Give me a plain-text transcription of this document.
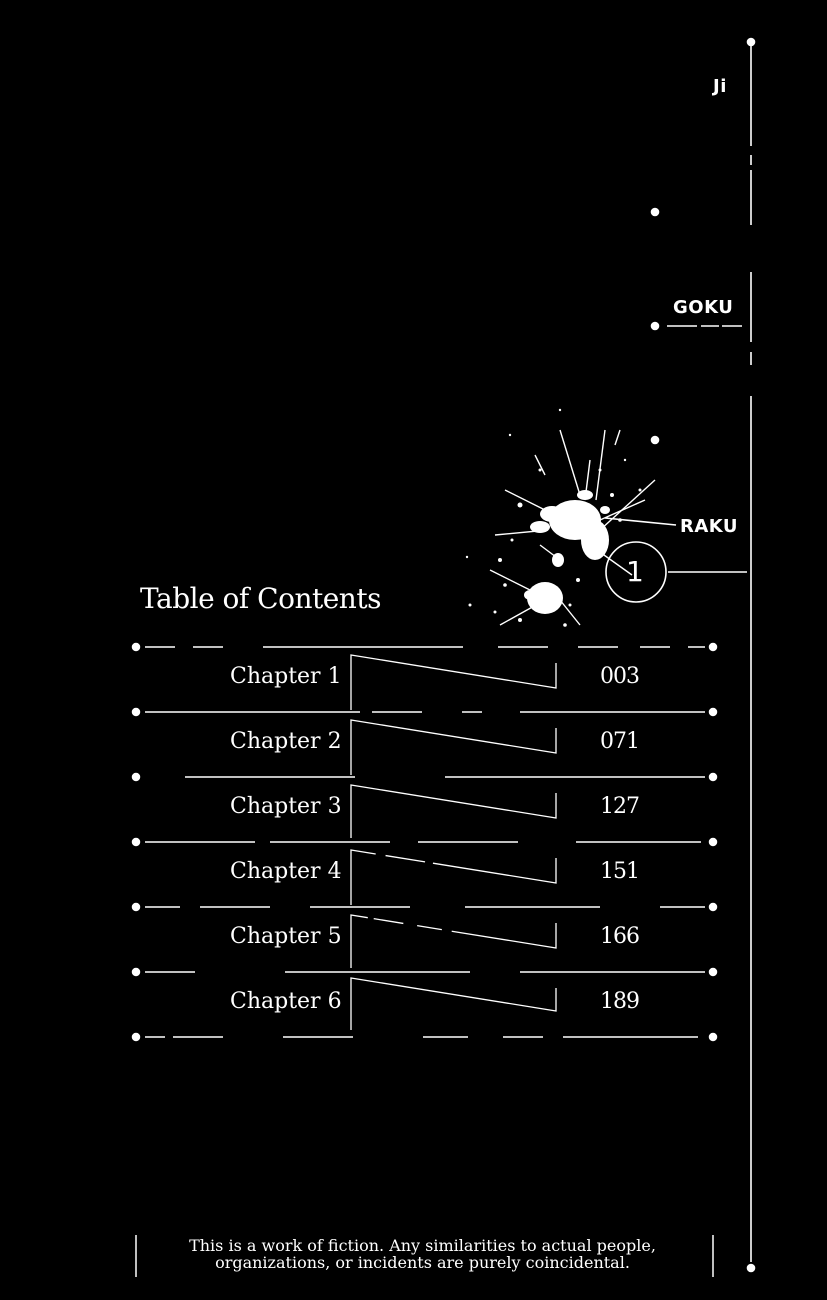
Ji
GOKU
RAKU
1
Table of Contents
Chapter 1	003
Chapter 2	071
Chapter 3	127
Chapter 4	151
Chapter 5	166
Chapter 6	189
This is a work of fiction. Any similarities to actual people,
organizations, or incidents are purely coincidental.
